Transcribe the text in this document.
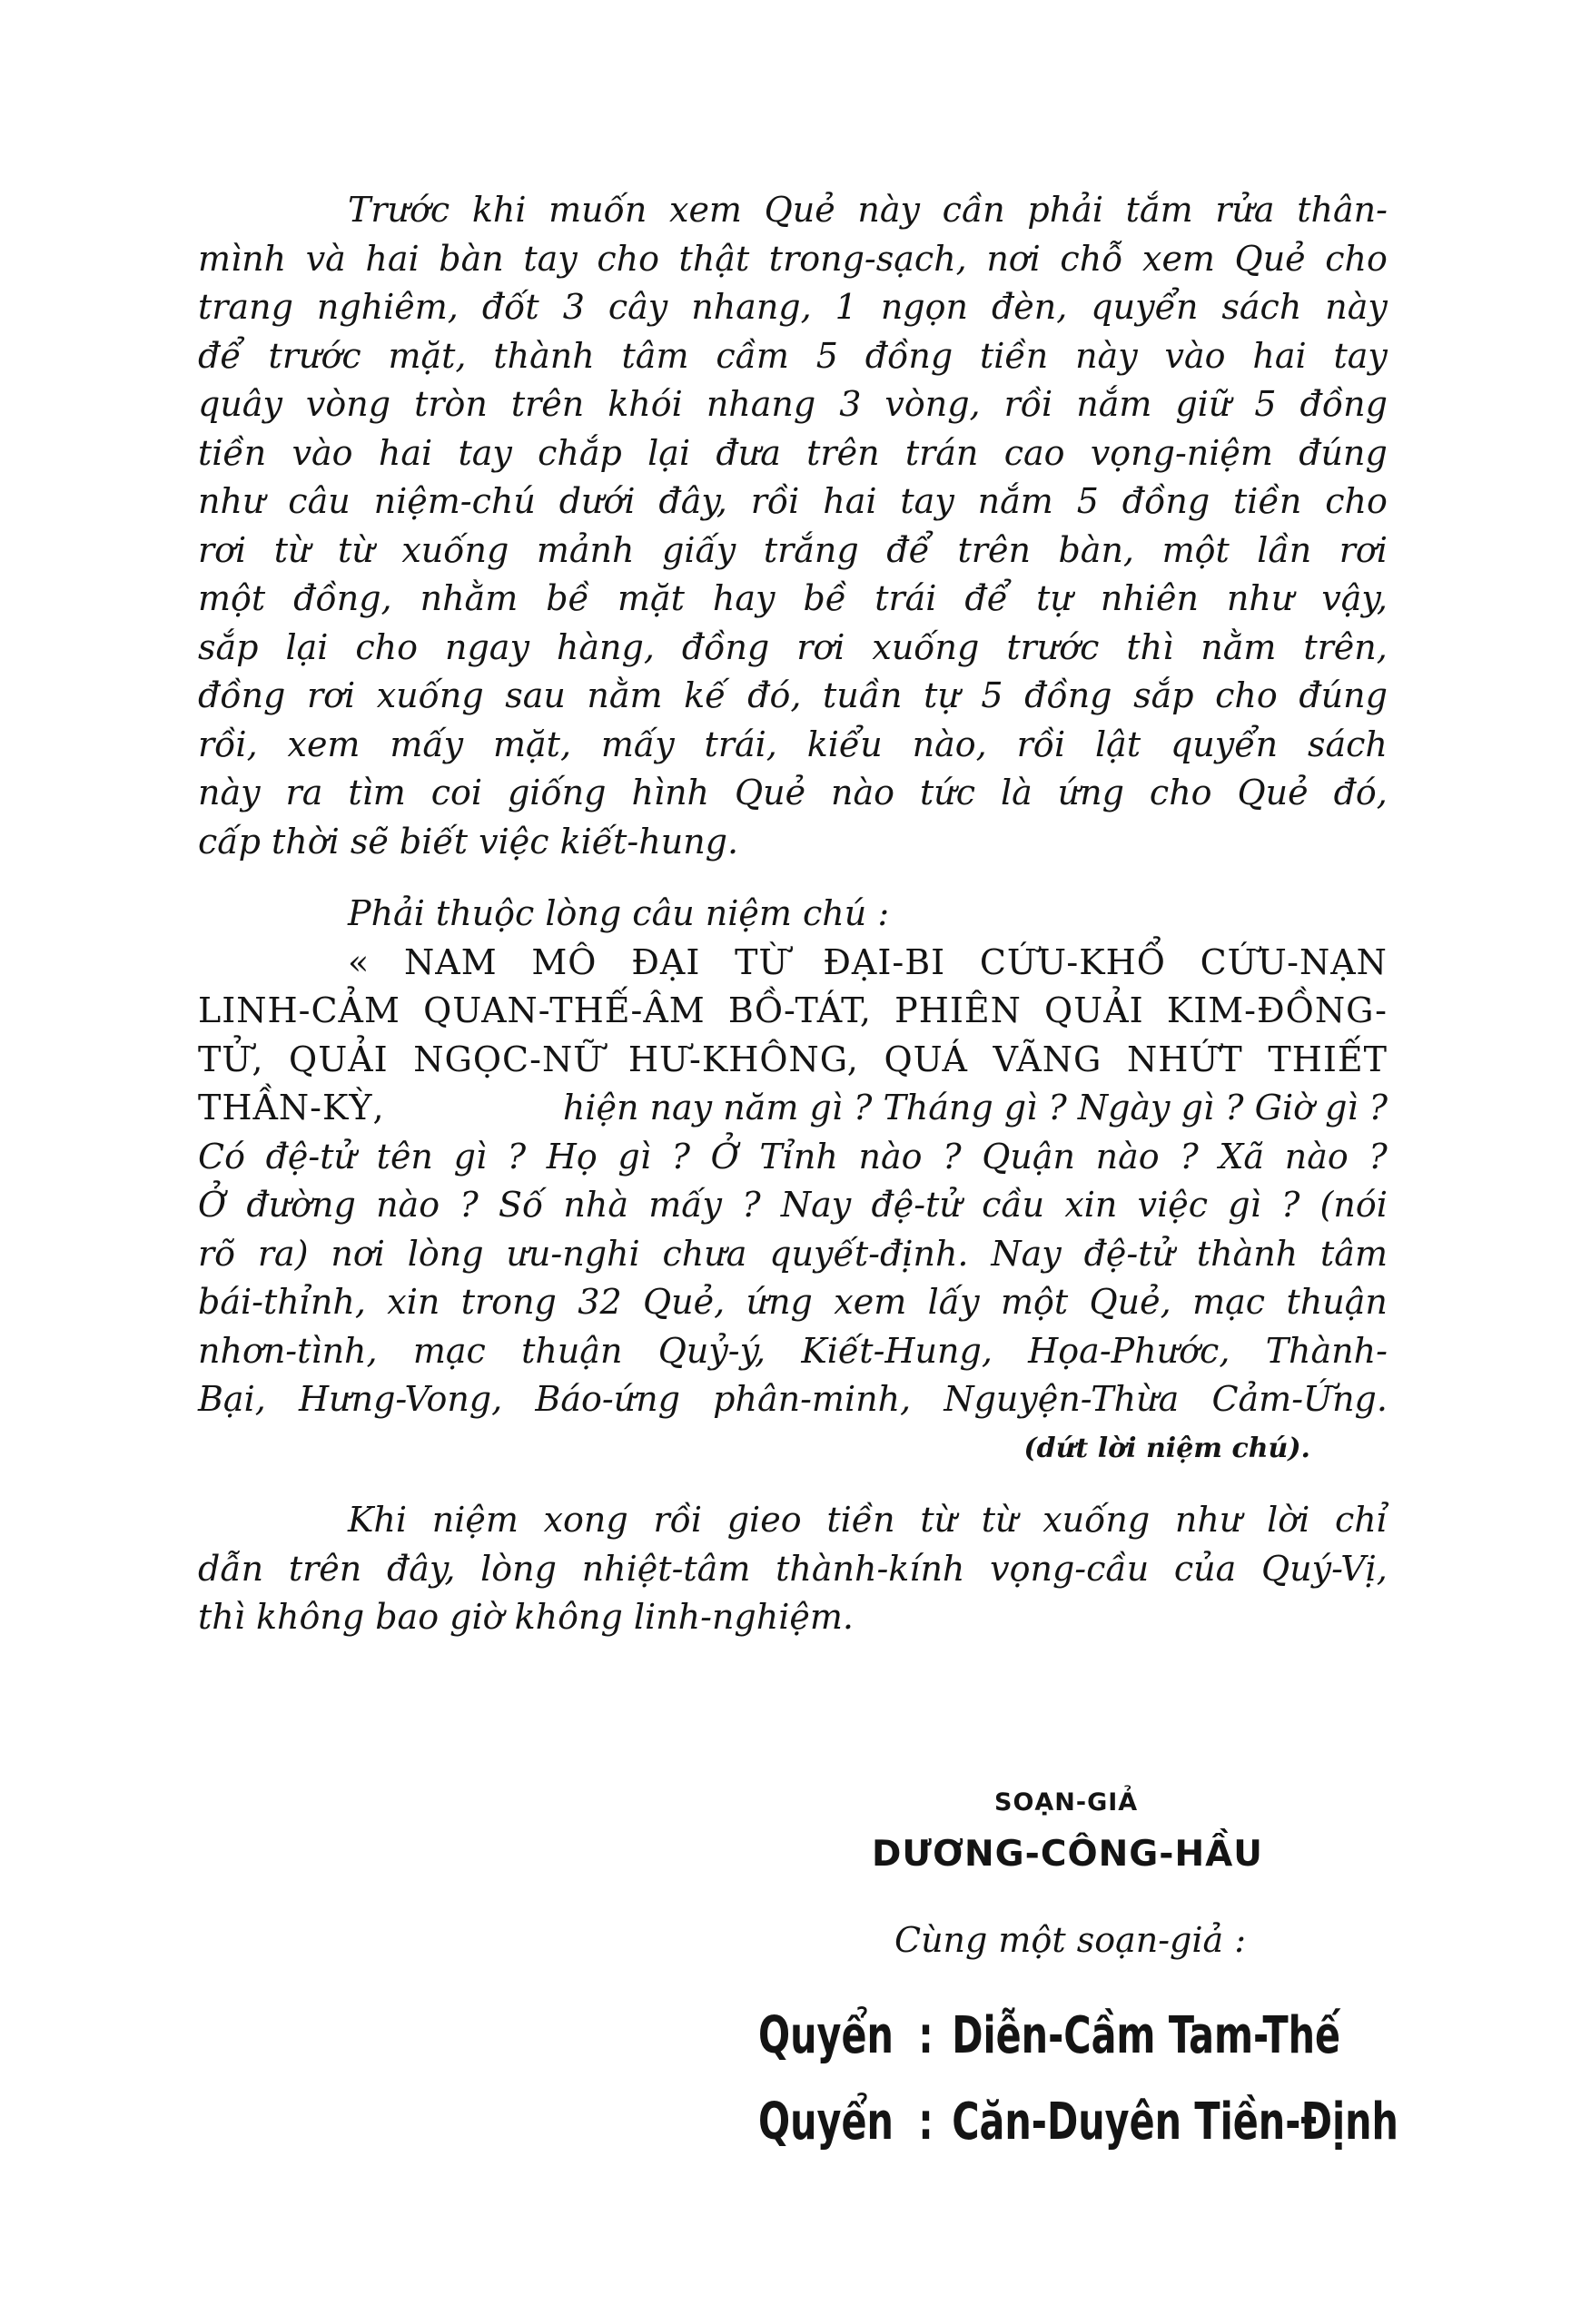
Trước khi muốn xem Quẻ này cần phải tắm rửa thân-
mình và hai bàn tay cho thật trong-sạch, nơi chỗ xem Quẻ cho
trang nghiêm, đốt 3 cây nhang, 1 ngọn đèn, quyển sách này
để trước mặt, thành tâm cầm 5 đồng tiền này vào hai tay
quây vòng tròn trên khói nhang 3 vòng, rồi nắm giữ 5 đồng
tiền vào hai tay chắp lại đưa trên trán cao vọng-niệm đúng
như câu niệm-chú dưới đây, rồi hai tay nắm 5 đồng tiền cho
rơi từ từ xuống mảnh giấy trắng để trên bàn, một lần rơi
một đồng, nhằm bề mặt hay bề trái để tự nhiên như vậy,
sắp lại cho ngay hàng, đồng rơi xuống trước thì nằm trên,
đồng rơi xuống sau nằm kế đó, tuần tự 5 đồng sắp cho đúng
rồi, xem mấy mặt, mấy trái, kiểu nào, rồi lật quyển sách
này ra tìm coi giống hình Quẻ nào tức là ứng cho Quẻ đó,
cấp thời sẽ biết việc kiết-hung.
Phải thuộc lòng câu niệm chú :
« NAM MÔ ĐẠI TỪ ĐẠI-BI CỨU-KHỔ CỨU-NẠN
LINH-CẢM QUAN-THẾ-ÂM BỒ-TÁT, PHIÊN QUẢI KIM-ĐỒNG-
TỬ, QUẢI NGỌC-NỮ HƯ-KHÔNG, QUÁ VÃNG NHỨT THIẾT
THẦN-KỲ,	hiện nay năm gì ? Tháng gì ? Ngày gì ? Giờ gì ?
Có đệ-tử tên gì ? Họ gì ? Ở Tỉnh nào ? Quận nào ? Xã nào ?
Ở đường nào ? Số nhà mấy ? Nay đệ-tử cầu xin việc gì ? (nói
rõ ra) nơi lòng ưu-nghi chưa quyết-định. Nay đệ-tử thành tâm
bái-thỉnh, xin trong 32 Quẻ, ứng xem lấy một Quẻ, mạc thuận
nhơn-tình, mạc thuận Quỷ-ý, Kiết-Hung, Họa-Phước, Thành-
Bại, Hưng-Vong, Báo-ứng phân-minh, Nguyện-Thừa Cảm-Ứng.
(dứt lời niệm chú).
Khi niệm xong rồi gieo tiền từ từ xuống như lời chỉ
dẫn trên đây, lòng nhiệt-tâm thành-kính vọng-cầu của Quý-Vị,
thì không bao giờ không linh-nghiệm.
SOẠN-GIẢ
DƯƠNG-CÔNG-HẦU
Cùng một soạn-giả :
Quyển : Diễn-Cầm Tam-Thế
Quyển : Căn-Duyên Tiền-Định
